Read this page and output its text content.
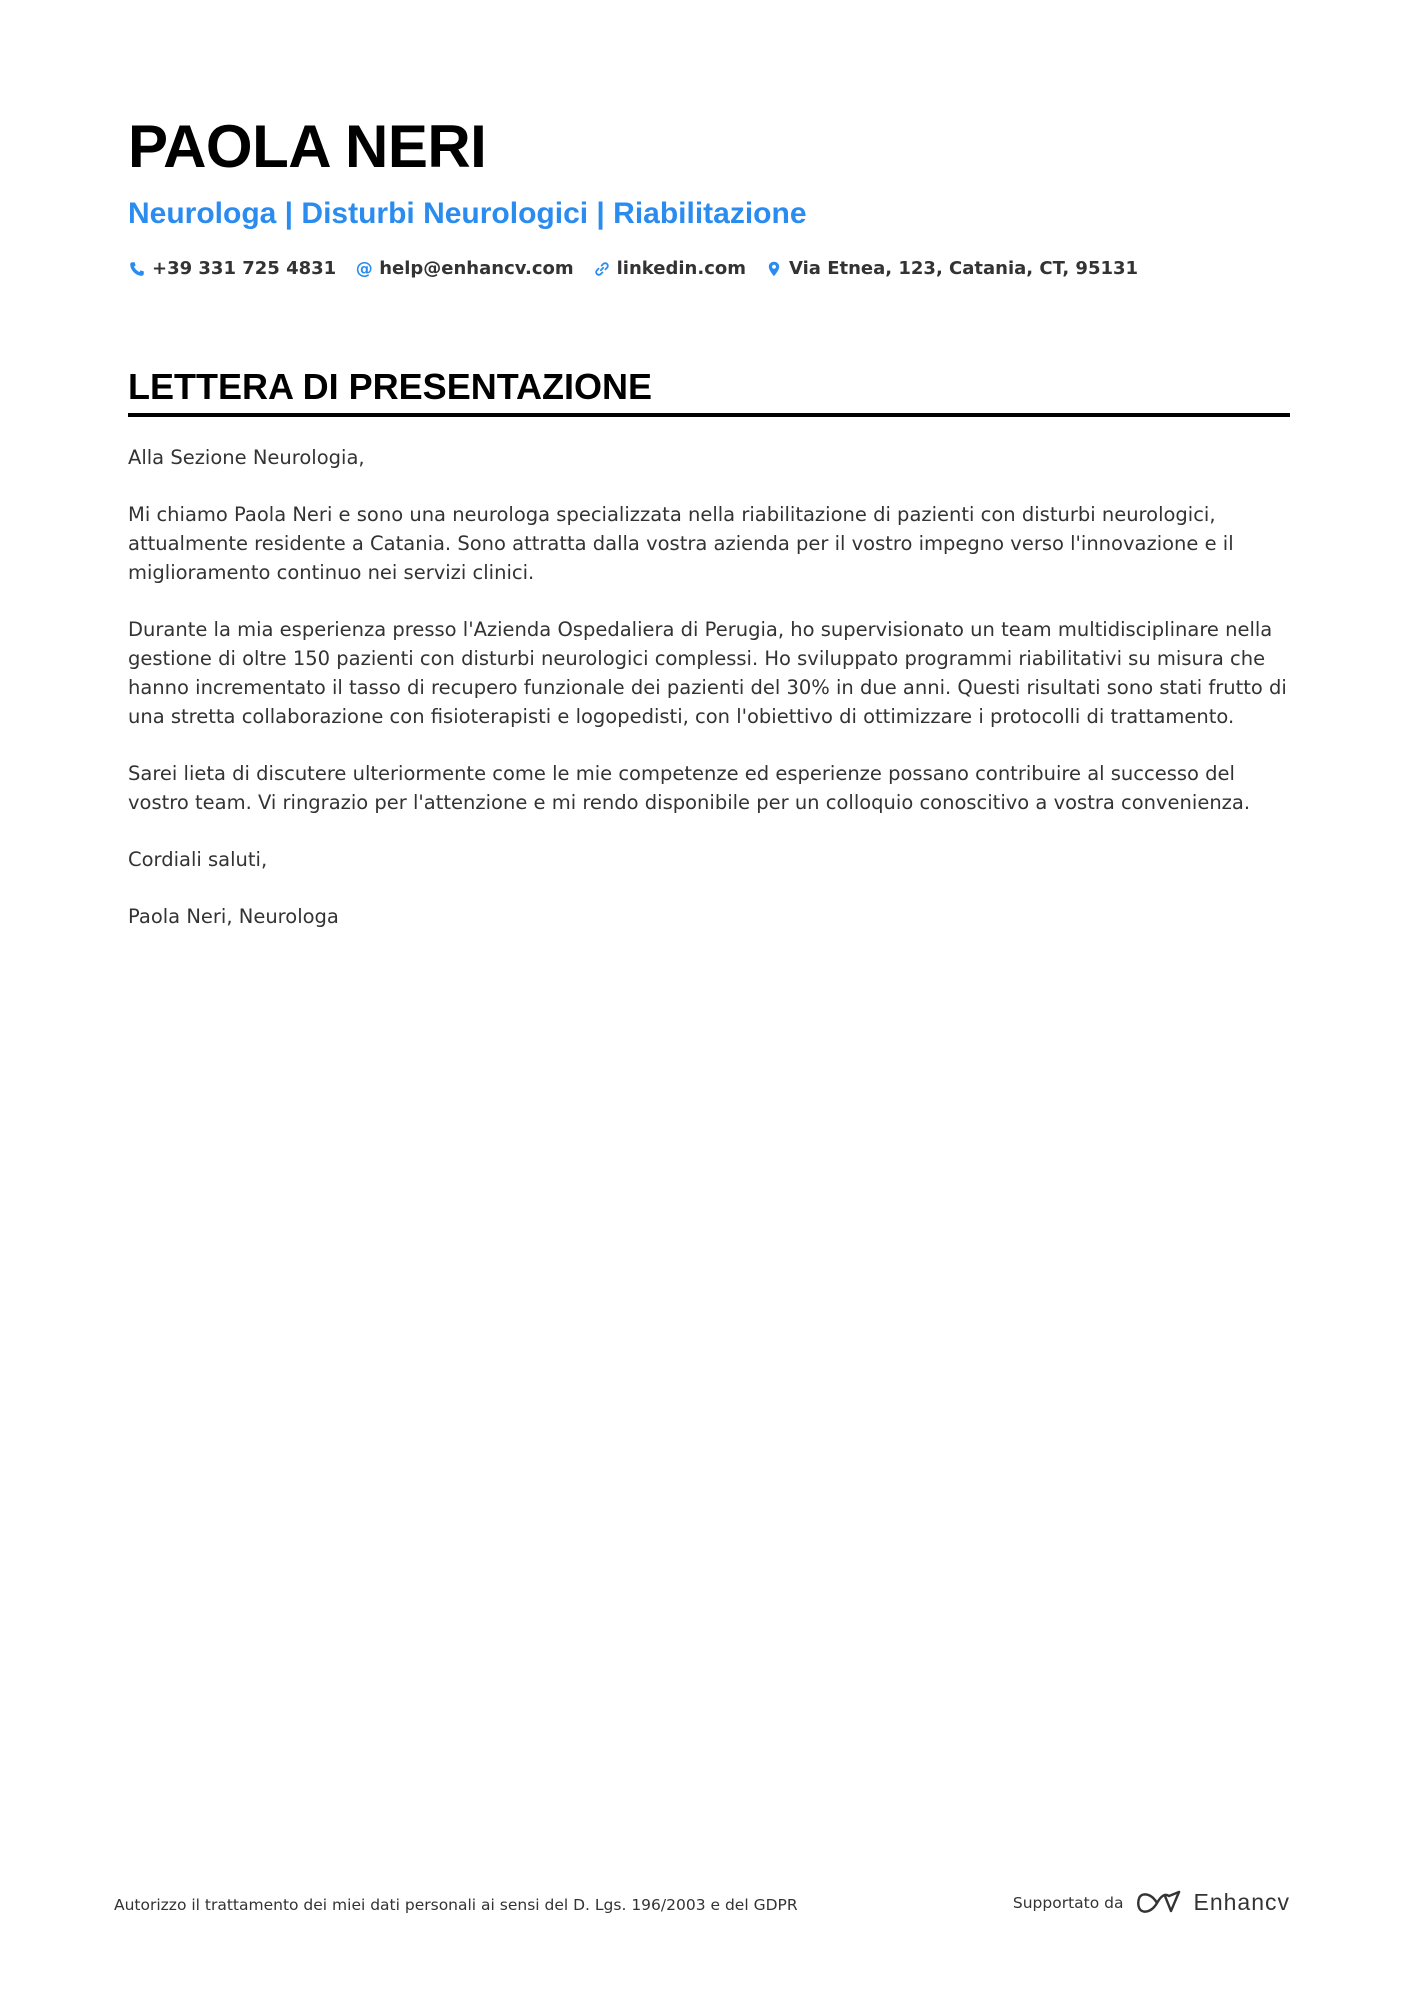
PAOLA NERI
Neurologa | Disturbi Neurologici | Riabilitazione
+39 331 725 4831 @ help@enhancv.com linkedin.com Via Etnea, 123, Catania, CT, 95131
LETTERA DI PRESENTAZIONE

Alla Sezione Neurologia,

Mi chiamo Paola Neri e sono una neurologa specializzata nella riabilitazione di pazienti con disturbi neurologici, attualmente residente a Catania. Sono attratta dalla vostra azienda per il vostro impegno verso l'innovazione e il miglioramento continuo nei servizi clinici.

Durante la mia esperienza presso l'Azienda Ospedaliera di Perugia, ho supervisionato un team multidisciplinare nella gestione di oltre 150 pazienti con disturbi neurologici complessi. Ho sviluppato programmi riabilitativi su misura che hanno incrementato il tasso di recupero funzionale dei pazienti del 30% in due anni. Questi risultati sono stati frutto di una stretta collaborazione con fisioterapisti e logopedisti, con l'obiettivo di ottimizzare i protocolli di trattamento.

Sarei lieta di discutere ulteriormente come le mie competenze ed esperienze possano contribuire al successo del vostro team. Vi ringrazio per l'attenzione e mi rendo disponibile per un colloquio conoscitivo a vostra convenienza.

Cordiali saluti,

Paola Neri, Neurologa

Autorizzo il trattamento dei miei dati personali ai sensi del D. Lgs. 196/2003 e del GDPR	Supportato da	Enhancv
